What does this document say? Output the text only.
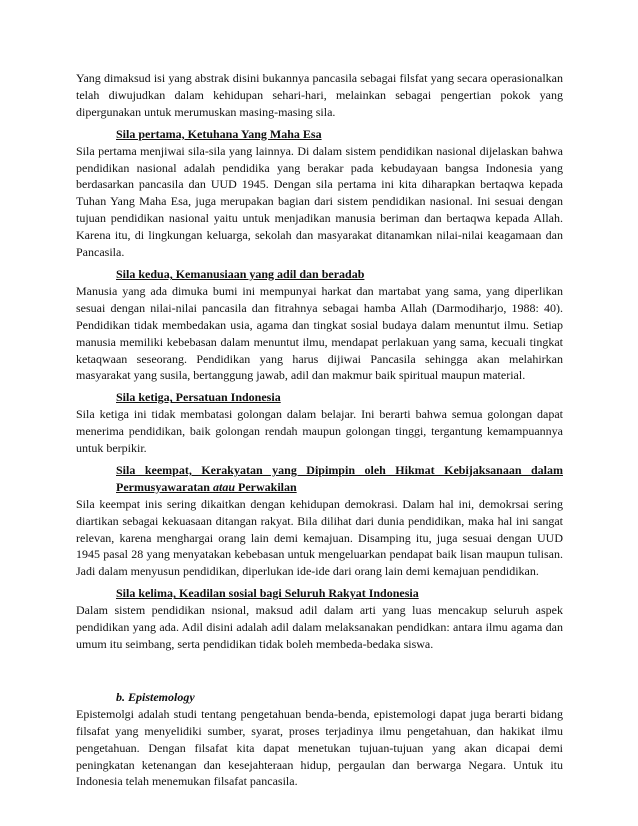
Yang dimaksud isi yang abstrak disini bukannya pancasila sebagai filsfat yang secara operasionalkan telah diwujudkan dalam kehidupan sehari-hari, melainkan sebagai pengertian pokok yang dipergunakan untuk merumuskan masing-masing sila.

Sila pertama, Ketuhana Yang Maha Esa

Sila pertama menjiwai sila-sila yang lainnya. Di dalam sistem pendidikan nasional dijelaskan bahwa pendidikan nasional adalah pendidika yang berakar pada kebudayaan bangsa Indonesia yang berdasarkan pancasila dan UUD 1945. Dengan sila pertama ini kita diharapkan bertaqwa kepada Tuhan Yang Maha Esa, juga merupakan bagian dari sistem pendidikan nasional. Ini sesuai dengan tujuan pendidikan nasional yaitu untuk menjadikan manusia beriman dan bertaqwa kepada Allah. Karena itu, di lingkungan keluarga, sekolah dan masyarakat ditanamkan nilai-nilai keagamaan dan Pancasila.

Sila kedua, Kemanusiaan yang adil dan beradab

Manusia yang ada dimuka bumi ini mempunyai harkat dan martabat yang sama, yang diperlikan sesuai dengan nilai-nilai pancasila dan fitrahnya sebagai hamba Allah (Darmodiharjo, 1988: 40). Pendidikan tidak membedakan usia, agama dan tingkat sosial budaya dalam menuntut ilmu. Setiap manusia memiliki kebebasan dalam menuntut ilmu, mendapat perlakuan yang sama, kecuali tingkat ketaqwaan seseorang. Pendidikan yang harus dijiwai Pancasila sehingga akan melahirkan masyarakat yang susila, bertanggung jawab, adil dan makmur baik spiritual maupun material.

Sila ketiga, Persatuan Indonesia

Sila ketiga ini tidak membatasi golongan dalam belajar. Ini berarti bahwa semua golongan dapat menerima pendidikan, baik golongan rendah maupun golongan tinggi, tergantung kemampuannya untuk berpikir.

Sila keempat, Kerakyatan yang Dipimpin oleh Hikmat Kebijaksanaan dalam Permusyawaratan atau Perwakilan

Sila keempat inis sering dikaitkan dengan kehidupan demokrasi. Dalam hal ini, demokrsai sering diartikan sebagai kekuasaan ditangan rakyat. Bila dilihat dari dunia pendidikan, maka hal ini sangat relevan, karena menghargai orang lain demi kemajuan. Disamping itu, juga sesuai dengan UUD 1945 pasal 28 yang menyatakan kebebasan untuk mengeluarkan pendapat baik lisan maupun tulisan. Jadi dalam menyusun pendidikan, diperlukan ide-ide dari orang lain demi kemajuan pendidikan.

Sila kelima, Keadilan sosial bagi Seluruh Rakyat Indonesia

Dalam sistem pendidikan nsional, maksud adil dalam arti yang luas mencakup seluruh aspek pendidikan yang ada. Adil disini adalah adil dalam melaksanakan pendidkan: antara ilmu agama dan umum itu seimbang, serta pendidikan tidak boleh membeda-bedaka siswa.

b. Epistemology

Epistemolgi adalah studi tentang pengetahuan benda-benda, epistemologi dapat juga berarti bidang filsafat yang menyelidiki sumber, syarat, proses terjadinya ilmu pengetahuan, dan hakikat ilmu pengetahuan. Dengan filsafat kita dapat menetukan tujuan-tujuan yang akan dicapai demi peningkatan ketenangan dan kesejahteraan hidup, pergaulan dan berwarga Negara. Untuk itu Indonesia telah menemukan filsafat pancasila.
